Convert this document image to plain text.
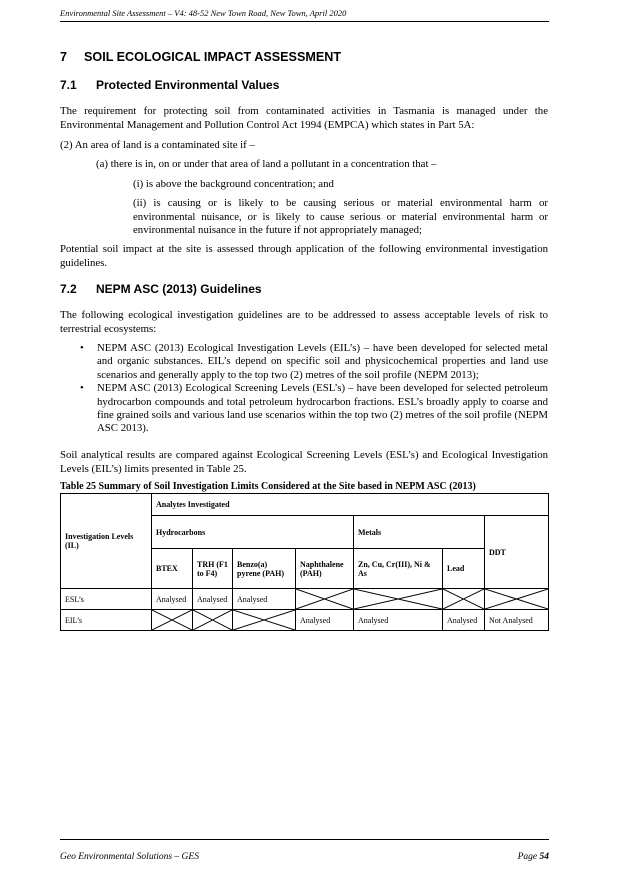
Environmental Site Assessment – V4: 48-52 New Town Road, New Town, April 2020
7 SOIL ECOLOGICAL IMPACT ASSESSMENT
7.1 Protected Environmental Values
The requirement for protecting soil from contaminated activities in Tasmania is managed under the Environmental Management and Pollution Control Act 1994 (EMPCA) which states in Part 5A:
(2) An area of land is a contaminated site if –
(a) there is in, on or under that area of land a pollutant in a concentration that –
(i) is above the background concentration; and
(ii) is causing or is likely to be causing serious or material environmental harm or environmental nuisance, or is likely to cause serious or material environmental harm or environmental nuisance in the future if not appropriately managed;
Potential soil impact at the site is assessed through application of the following environmental investigation guidelines.
7.2 NEPM ASC (2013) Guidelines
The following ecological investigation guidelines are to be addressed to assess acceptable levels of risk to terrestrial ecosystems:
• NEPM ASC (2013) Ecological Investigation Levels (EIL’s) – have been developed for selected metal and organic substances. EIL’s depend on specific soil and physicochemical properties and land use scenarios and generally apply to the top two (2) metres of the soil profile (NEPM 2013);
• NEPM ASC (2013) Ecological Screening Levels (ESL’s) – have been developed for selected petroleum hydrocarbon compounds and total petroleum hydrocarbon fractions. ESL’s broadly apply to coarse and fine grained soils and various land use scenarios within the top two (2) metres of the soil profile (NEPM ASC 2013).
Soil analytical results are compared against Ecological Screening Levels (ESL’s) and Ecological Investigation Levels (EIL’s) limits presented in Table 25.
Table 25 Summary of Soil Investigation Limits Considered at the Site based in NEPM ASC (2013)
Investigation Levels (IL)	Analytes Investigated						
	Hydrocarbons				Metals		DDT
	BTEX	TRH (F1 to F4)	Benzo(a) pyrene (PAH)	Naphthalene (PAH)	Zn, Cu, Cr(III), Ni & As	Lead	
ESL’s	Analysed	Analysed	Analysed	

EIL’s				Analysed	Analysed	Analysed	Not Analysed
Geo Environmental Solutions – GES	Page 54
